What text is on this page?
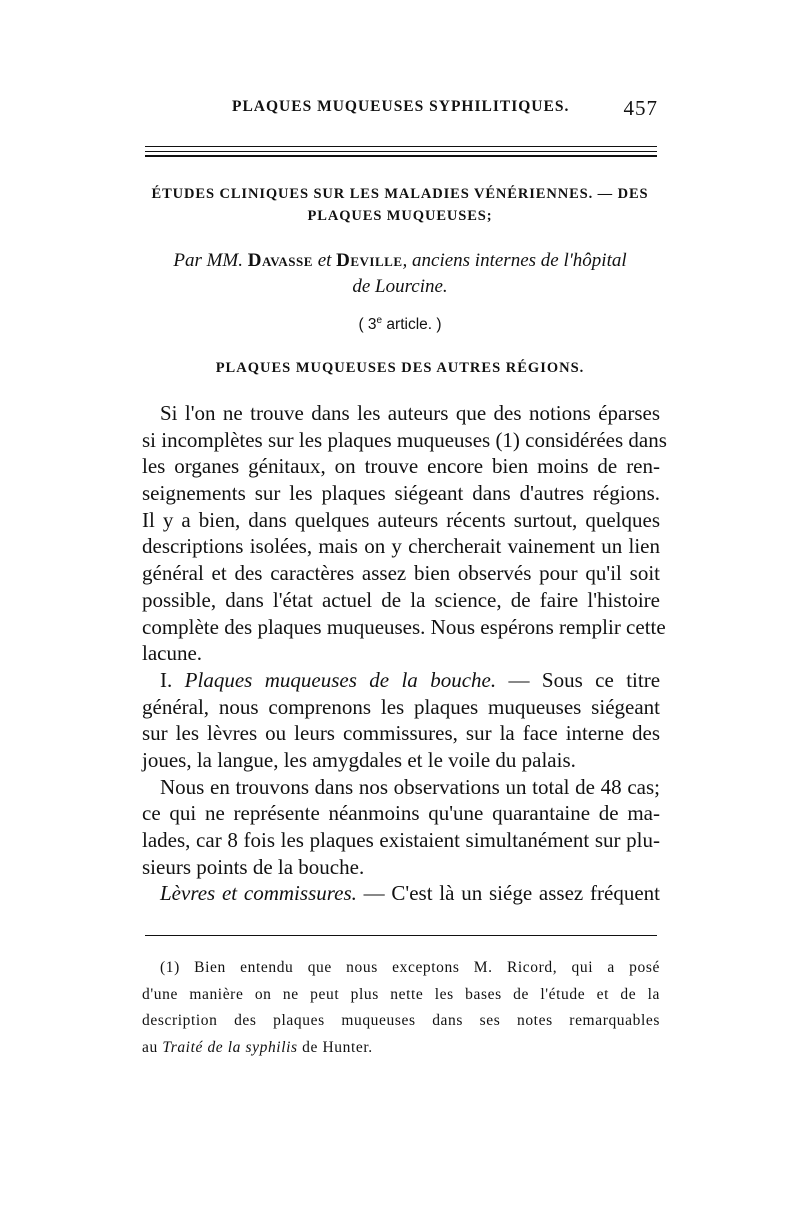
PLAQUES MUQUEUSES SYPHILITIQUES.	457
ÉTUDES CLINIQUES SUR LES MALADIES VÉNÉRIENNES. — DES
PLAQUES MUQUEUSES;
Par MM. Davasse et Deville, anciens internes de l'hôpital
de Lourcine.
( 3e article. )
PLAQUES MUQUEUSES DES AUTRES RÉGIONS.
Si l'on ne trouve dans les auteurs que des notions éparses
si incomplètes sur les plaques muqueuses (1) considérées dans
les organes génitaux, on trouve encore bien moins de ren-
seignements sur les plaques siégeant dans d'autres régions.
Il y a bien, dans quelques auteurs récents surtout, quelques
descriptions isolées, mais on y chercherait vainement un lien
général et des caractères assez bien observés pour qu'il soit
possible, dans l'état actuel de la science, de faire l'histoire
complète des plaques muqueuses. Nous espérons remplir cette
lacune.
I. Plaques muqueuses de la bouche. — Sous ce titre
général, nous comprenons les plaques muqueuses siégeant
sur les lèvres ou leurs commissures, sur la face interne des
joues, la langue, les amygdales et le voile du palais.
Nous en trouvons dans nos observations un total de 48 cas;
ce qui ne représente néanmoins qu'une quarantaine de ma-
lades, car 8 fois les plaques existaient simultanément sur plu-
sieurs points de la bouche.
Lèvres et commissures. — C'est là un siége assez fréquent
(1) Bien entendu que nous exceptons M. Ricord, qui a posé
d'une manière on ne peut plus nette les bases de l'étude et de la
description des plaques muqueuses dans ses notes remarquables
au Traité de la syphilis de Hunter.
